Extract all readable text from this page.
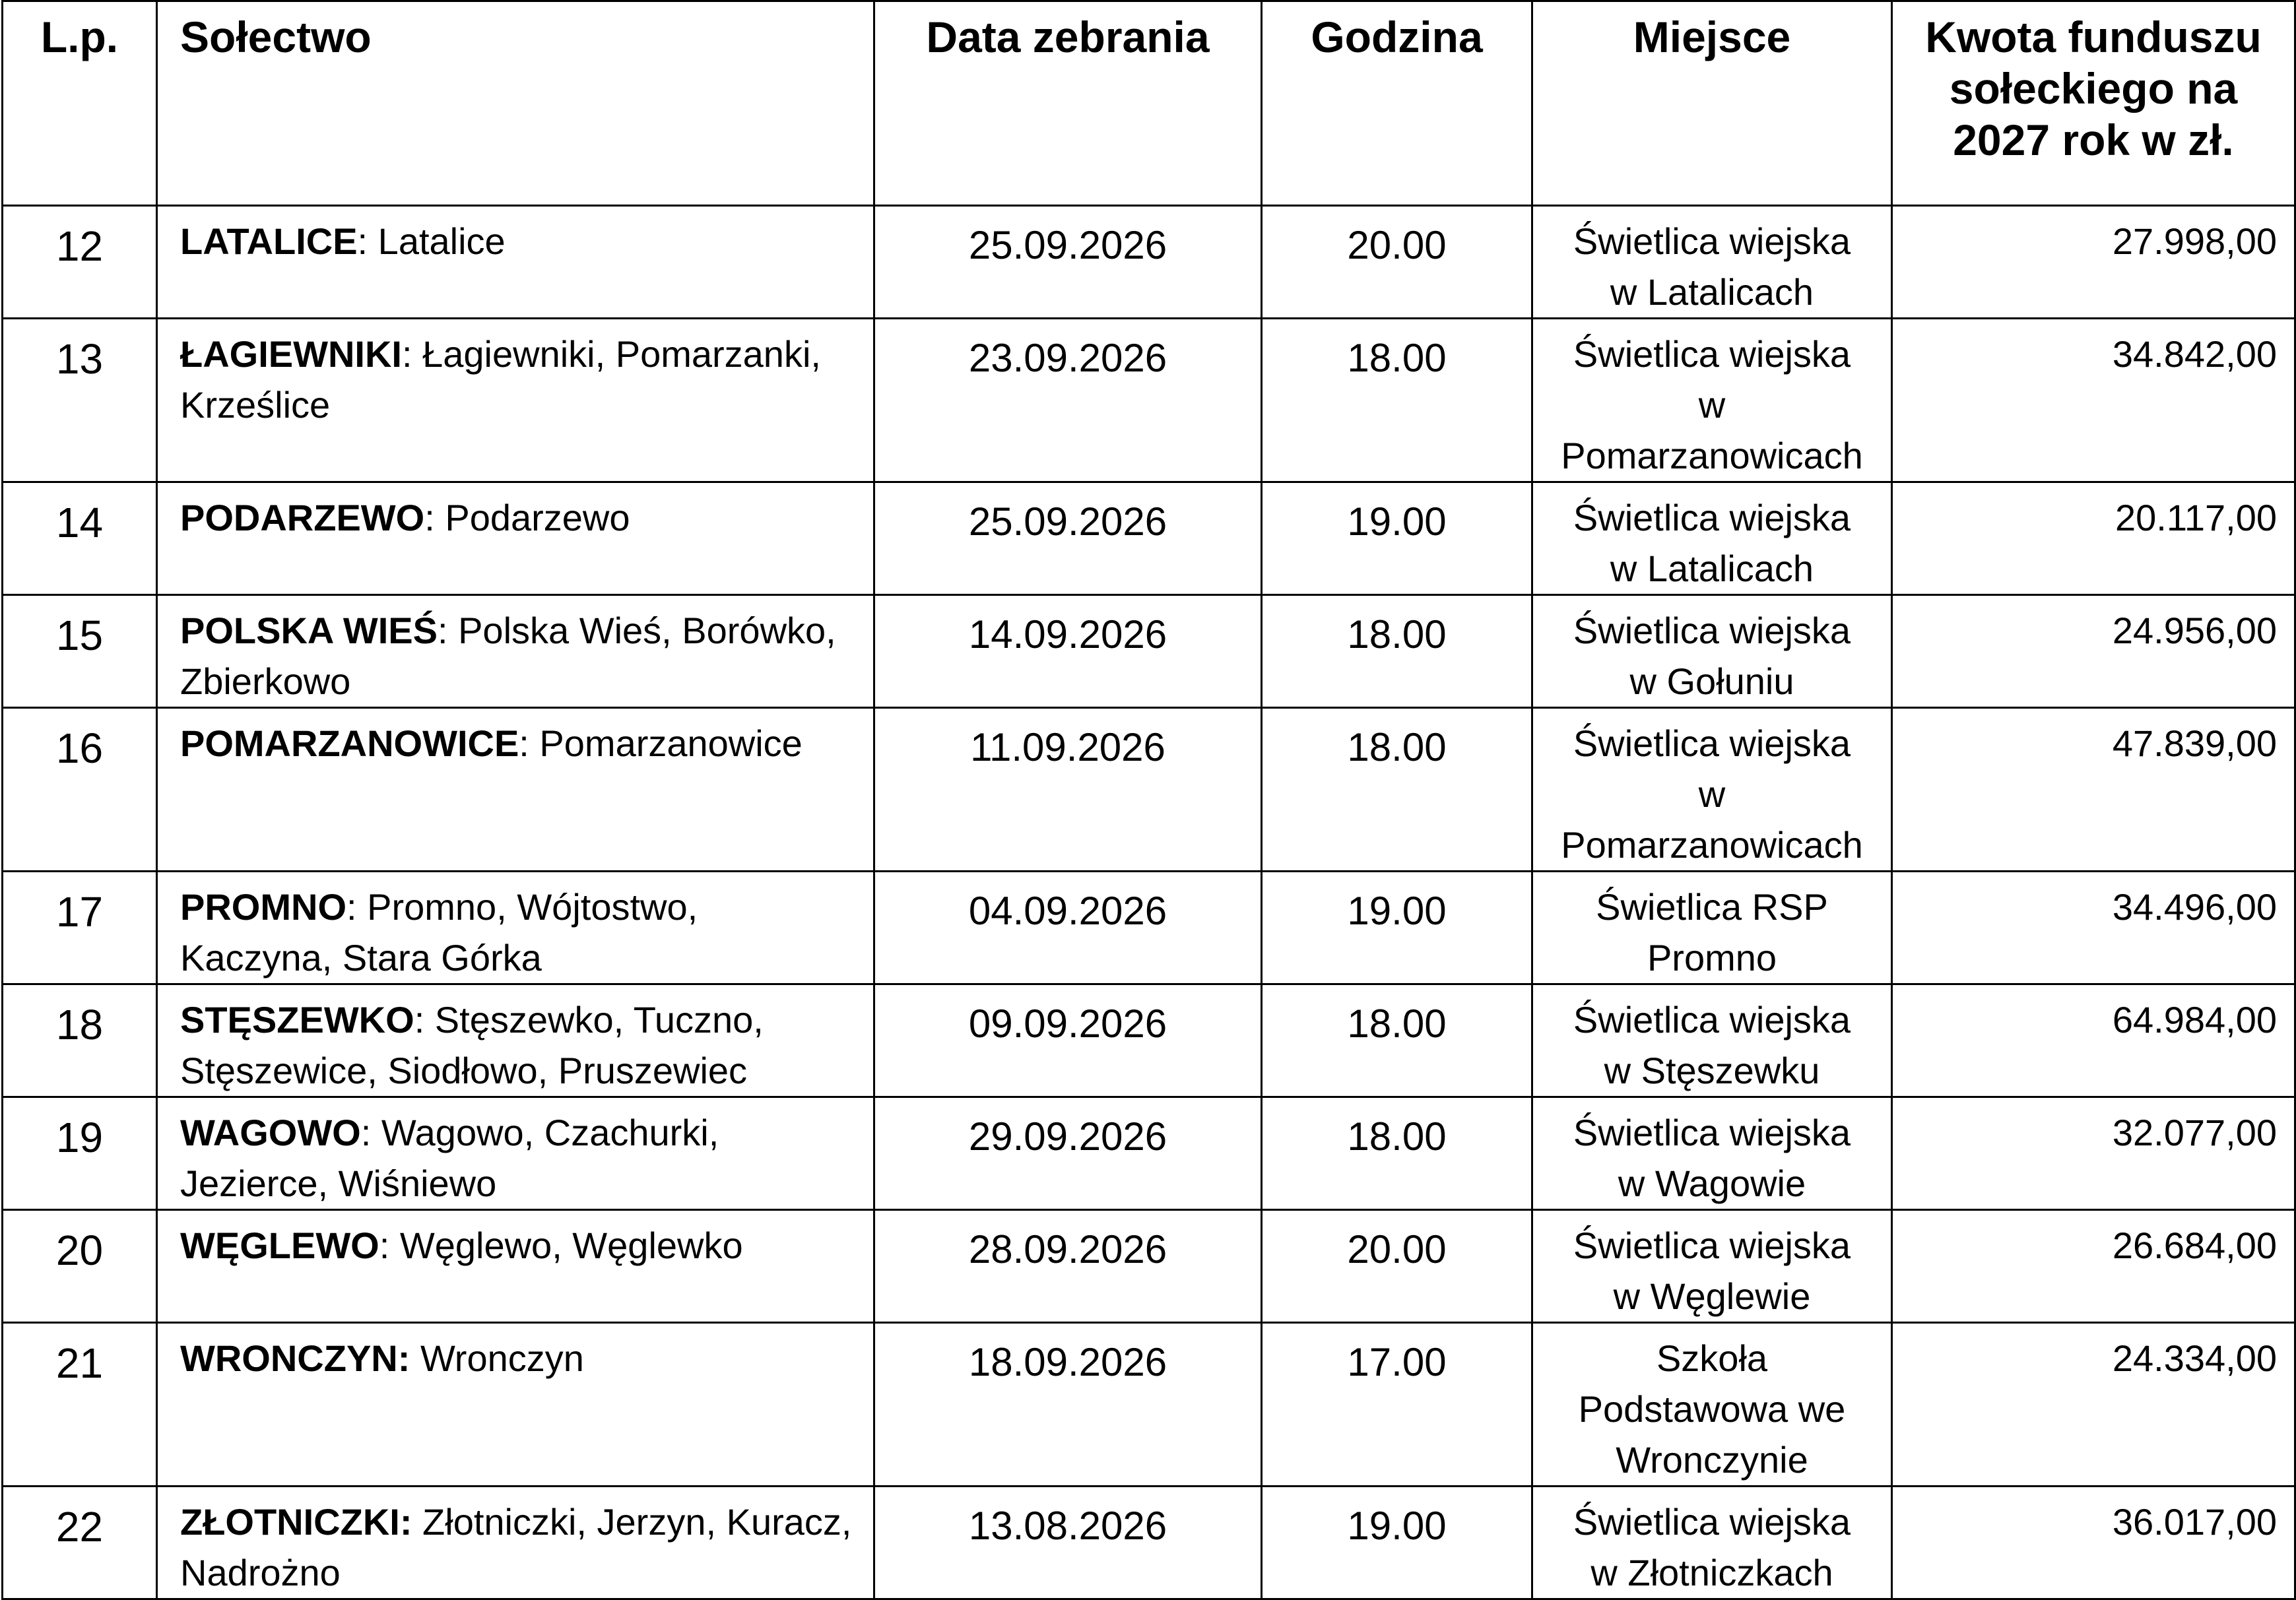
L.p.	Sołectwo	Data zebrania	Godzina	Miejsce	Kwota funduszu sołeckiego na 2027 rok w zł.
12	LATALICE: Latalice	25.09.2026	20.00	Świetlica wiejska w Latalicach	27.998,00
13	ŁAGIEWNIKI: Łagiewniki, Pomarzanki, Krześlice	23.09.2026	18.00	Świetlica wiejska w Pomarzanowicach	34.842,00
14	PODARZEWO: Podarzewo	25.09.2026	19.00	Świetlica wiejska w Latalicach	20.117,00
15	POLSKA WIEŚ: Polska Wieś, Borówko, Zbierkowo	14.09.2026	18.00	Świetlica wiejska w Gołuniu	24.956,00
16	POMARZANOWICE: Pomarzanowice	11.09.2026	18.00	Świetlica wiejska w Pomarzanowicach	47.839,00
17	PROMNO: Promno, Wójtostwo, Kaczyna, Stara Górka	04.09.2026	19.00	Świetlica RSP Promno	34.496,00
18	STĘSZEWKO: Stęszewko, Tuczno, Stęszewice, Siodłowo, Pruszewiec	09.09.2026	18.00	Świetlica wiejska w Stęszewku	64.984,00
19	WAGOWO: Wagowo, Czachurki, Jezierce, Wiśniewo	29.09.2026	18.00	Świetlica wiejska w Wagowie	32.077,00
20	WĘGLEWO: Węglewo, Węglewko	28.09.2026	20.00	Świetlica wiejska w Węglewie	26.684,00
21	WRONCZYN: Wronczyn	18.09.2026	17.00	Szkoła Podstawowa we Wronczynie	24.334,00
22	ZŁOTNICZKI: Złotniczki, Jerzyn, Kuracz, Nadrożno	13.08.2026	19.00	Świetlica wiejska w Złotniczkach	36.017,00
